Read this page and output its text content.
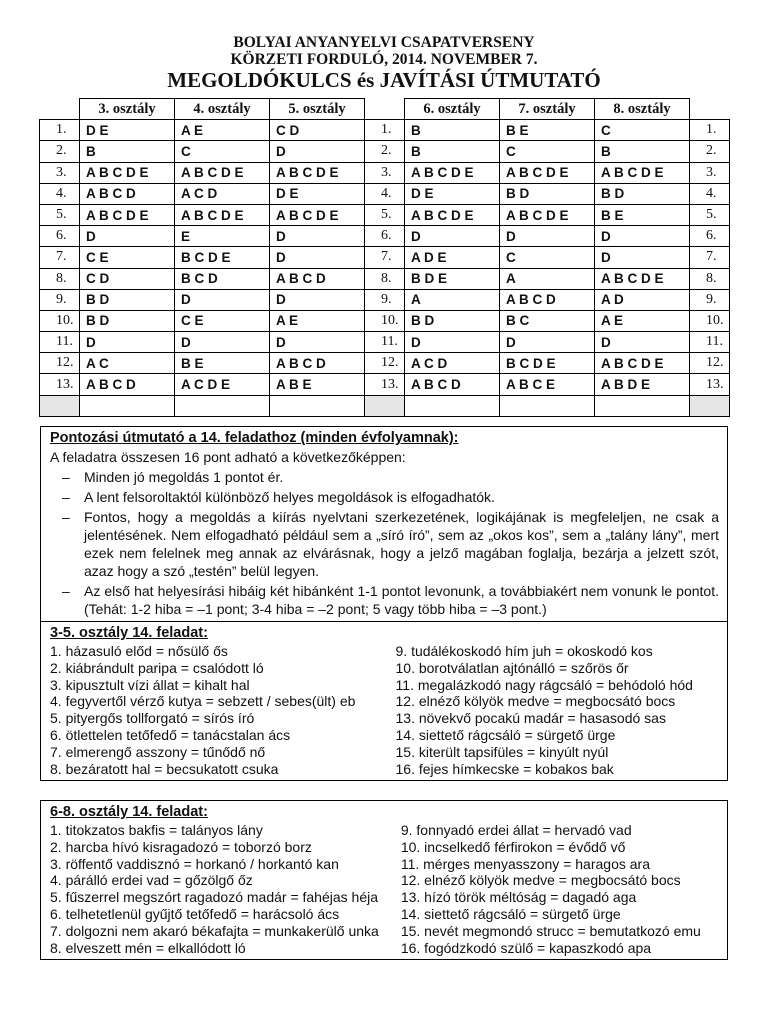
BOLYAI ANYANYELVI CSAPATVERSENY
KÖRZETI FORDULÓ, 2014. NOVEMBER 7.
MEGOLDÓKULCS és JAVÍTÁSI ÚTMUTATÓ
	3. osztály	4. osztály	5. osztály
1.	D E	A E	C D
2.	B	C	D
3.	A B C D E	A B C D E	A B C D E
4.	A B C D	A C D	D E
5.	A B C D E	A B C D E	A B C D E
6.	D	E	D
7.	C E	B C D E	D
8.	C D	B C D	A B C D
9.	B D	D	D
10.	B D	C E	A E
11.	D	D	D
12.	A C	B E	A B C D
13.	A B C D	A C D E	A B E

	6. osztály	7. osztály	8. osztály	
1.	B	B E	C	1.
2.	B	C	B	2.
3.	A B C D E	A B C D E	A B C D E	3.
4.	D E	B D	B D	4.
5.	A B C D E	A B C D E	B E	5.
6.	D	D	D	6.
7.	A D E	C	D	7.
8.	B D E	A	A B C D E	8.
9.	A	A B C D	A D	9.
10.	B D	B C	A E	10.
11.	D	D	D	11.
12.	A C D	B C D E	A B C D E	12.
13.	A B C D	A B C E	A B D E	13.

Pontozási útmutató a 14. feladathoz (minden évfolyamnak):
A feladatra összesen 16 pont adható a következőképpen:
– Minden jó megoldás 1 pontot ér.
– A lent felsoroltaktól különböző helyes megoldások is elfogadhatók.
– Fontos, hogy a megoldás a kiírás nyelvtani szerkezetének, logikájának is megfeleljen, ne csak a jelentésének. Nem elfogadható például sem a „síró író”, sem az „okos kos”, sem a „talány lány”, mert ezek nem felelnek meg annak az elvárásnak, hogy a jelző magában foglalja, bezárja a jelzett szót, azaz hogy a szó „testén” belül legyen.
– Az első hat helyesírási hibáig két hibánként 1-1 pontot levonunk, a továbbiakért nem vonunk le pontot. (Tehát: 1-2 hiba = –1 pont; 3-4 hiba = –2 pont; 5 vagy több hiba = –3 pont.)
3-5. osztály 14. feladat:
1. házasuló előd = nősülő ős
2. kiábrándult paripa = csalódott ló
3. kipusztult vízi állat = kihalt hal
4. fegyvertől vérző kutya = sebzett / sebes(ült) eb
5. pityergős tollforgató = sírós író
6. ötlettelen tetőfedő = tanácstalan ács
7. elmerengő asszony = tűnődő nő
8. bezáratott hal = becsukatott csuka
9. tudálékoskodó hím juh = okoskodó kos
10. borotválatlan ajtónálló = szőrös őr
11. megalázkodó nagy rágcsáló = behódoló hód
12. elnéző kölyök medve = megbocsátó bocs
13. növekvő pocakú madár = hasasodó sas
14. siettető rágcsáló = sürgető ürge
15. kiterült tapsifüles = kinyúlt nyúl
16. fejes hímkecske = kobakos bak
6-8. osztály 14. feladat:
1. titokzatos bakfis = talányos lány
2. harcba hívó kisragadozó = toborzó borz
3. röffentő vaddisznó = horkanó / horkantó kan
4. párálló erdei vad = gőzölgő őz
5. fűszerrel megszórt ragadozó madár = fahéjas héja
6. telhetetlenül gyűjtő tetőfedő = harácsoló ács
7. dolgozni nem akaró békafajta = munkakerülő unka
8. elveszett mén = elkallódott ló
9. fonnyadó erdei állat = hervadó vad
10. incselkedő férfirokon = évődő vő
11. mérges menyasszony = haragos ara
12. elnéző kölyök medve = megbocsátó bocs
13. hízó török méltóság = dagadó aga
14. siettető rágcsáló = sürgető ürge
15. nevét megmondó strucc = bemutatkozó emu
16. fogódzkodó szülő = kapaszkodó apa
